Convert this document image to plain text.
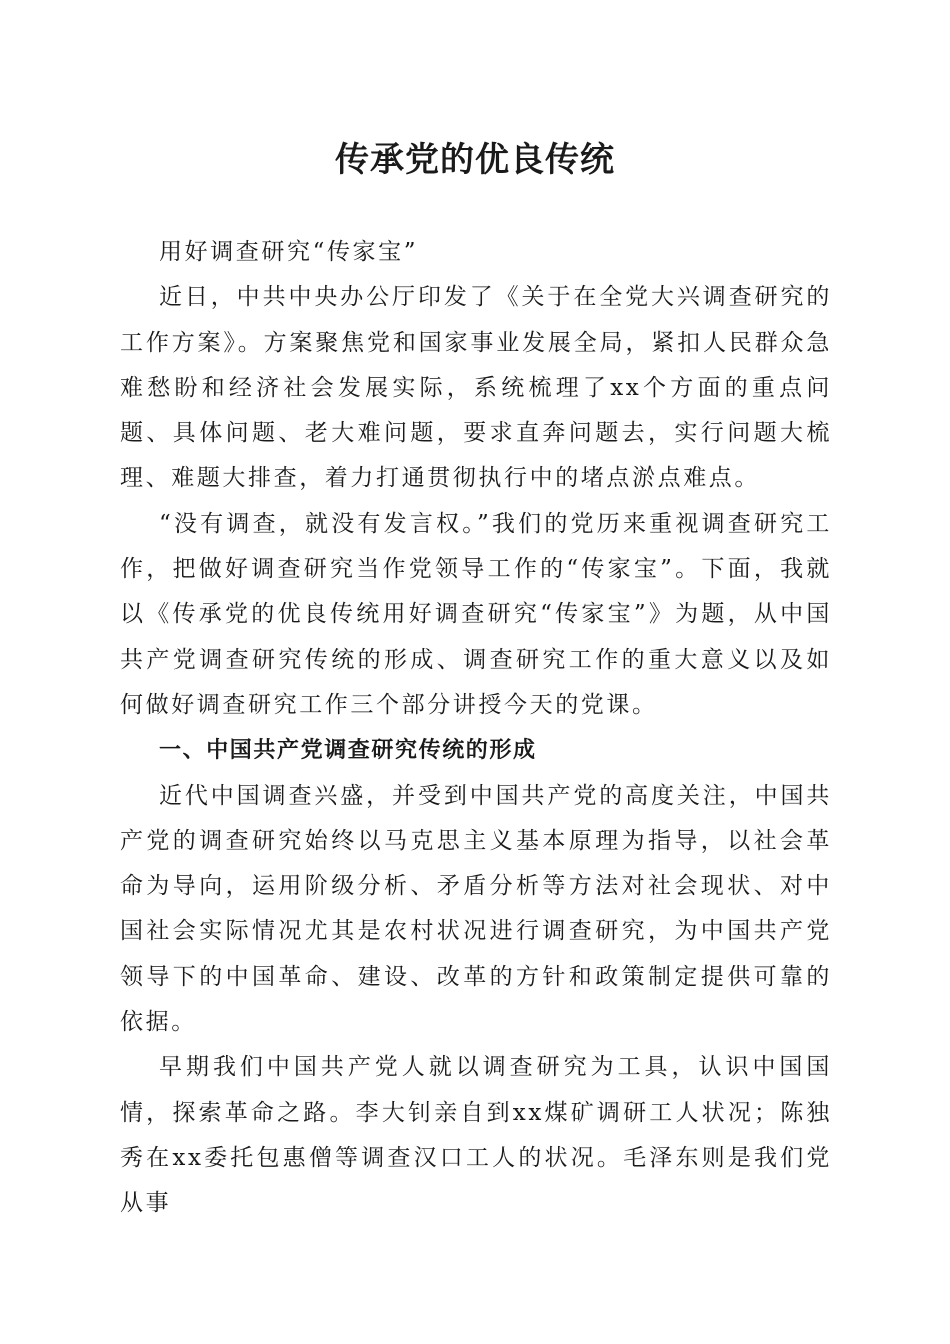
传承党的优良传统

用好调查研究“传家宝”

近日，中共中央办公厅印发了《关于在全党大兴调查研究的工作方案》。方案聚焦党和国家事业发展全局，紧扣人民群众急难愁盼和经济社会发展实际，系统梳理了xx个方面的重点问题、具体问题、老大难问题，要求直奔问题去，实行问题大梳理、难题大排查，着力打通贯彻执行中的堵点淤点难点。

“没有调查，就没有发言权。”我们的党历来重视调查研究工作，把做好调查研究当作党领导工作的“传家宝”。下面，我就以《传承党的优良传统用好调查研究“传家宝”》为题，从中国共产党调查研究传统的形成、调查研究工作的重大意义以及如何做好调查研究工作三个部分讲授今天的党课。

一、中国共产党调查研究传统的形成

近代中国调查兴盛，并受到中国共产党的高度关注，中国共产党的调查研究始终以马克思主义基本原理为指导，以社会革命为导向，运用阶级分析、矛盾分析等方法对社会现状、对中国社会实际情况尤其是农村状况进行调查研究，为中国共产党领导下的中国革命、建设、改革的方针和政策制定提供可靠的依据。

早期我们中国共产党人就以调查研究为工具，认识中国国情，探索革命之路。李大钊亲自到xx煤矿调研工人状况；陈独秀在xx委托包惠僧等调查汉口工人的状况。毛泽东则是我们党从事
